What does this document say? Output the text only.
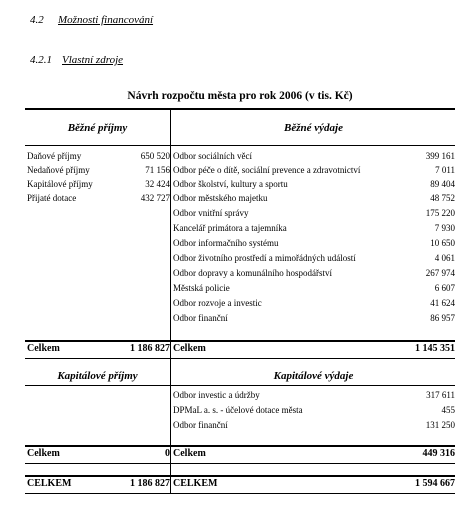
4.2 Možnosti financování
4.2.1 Vlastní zdroje
Návrh rozpočtu města pro rok 2006 (v tis. Kč)
Běžné příjmy	Běžné výdaje
Daňové příjmy	650 520
Nedaňové příjmy	71 156
Kapitálové příjmy	32 424
Přijaté dotace	432 727
Odbor sociálních věcí	399 161
Odbor péče o dítě, sociální prevence a zdravotnictví	7 011
Odbor školství, kultury a sportu	89 404
Odbor městského majetku	48 752
Odbor vnitřní správy	175 220
Kancelář primátora a tajemníka	7 930
Odbor informačního systému	10 650
Odbor životního prostředí a mimořádných událostí	4 061
Odbor dopravy a komunálního hospodářství	267 974
Městská policie	6 607
Odbor rozvoje a investic	41 624
Odbor finanční	86 957
Celkem	1 186 827 Celkem	1 145 351
Kapitálové příjmy	Kapitálové výdaje
Odbor investic a údržby	317 611
DPMaL a. s. - účelové dotace města	455
Odbor finanční	131 250
Celkem	0 Celkem	449 316
CELKEM	1 186 827 CELKEM	1 594 667
